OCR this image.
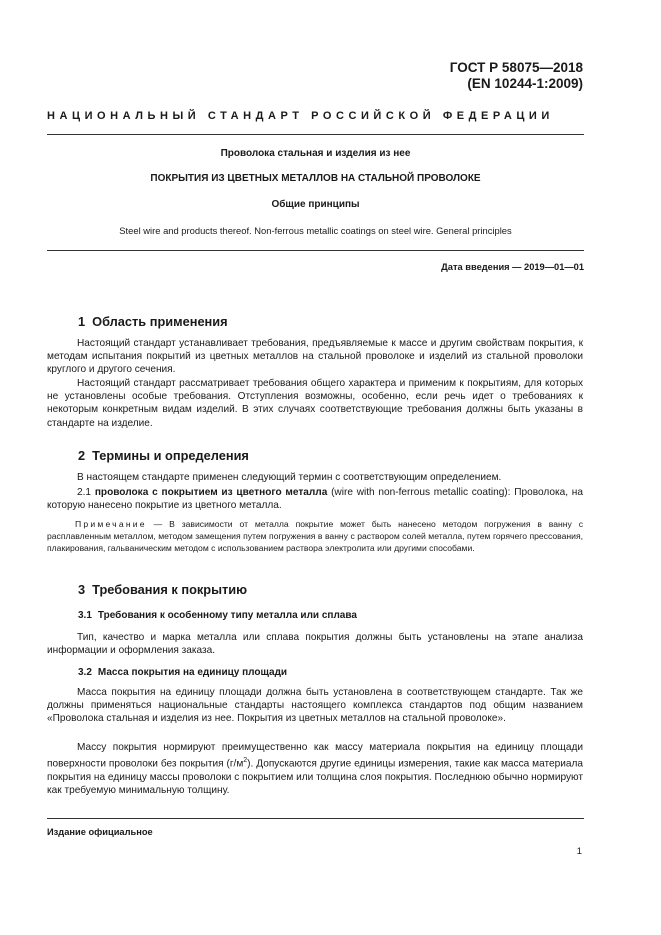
ГОСТ Р 58075—2018
(EN 10244-1:2009)
НАЦИОНАЛЬНЫЙ СТАНДАРТ РОССИЙСКОЙ ФЕДЕРАЦИИ
Проволока стальная и изделия из нее
ПОКРЫТИЯ ИЗ ЦВЕТНЫХ МЕТАЛЛОВ НА СТАЛЬНОЙ ПРОВОЛОКЕ
Общие принципы
Steel wire and products thereof. Non-ferrous metallic coatings on steel wire. General principles
Дата введения — 2019—01—01
1 Область применения
Настоящий стандарт устанавливает требования, предъявляемые к массе и другим свойствам покрытия, к методам испытания покрытий из цветных металлов на стальной проволоке и изделий из стальной проволоки круглого и другого сечения.
Настоящий стандарт рассматривает требования общего характера и применим к покрытиям, для которых не установлены особые требования. Отступления возможны, особенно, если речь идет о требованиях к некоторым конкретным видам изделий. В этих случаях соответствующие требования должны быть указаны в стандарте на изделие.
2 Термины и определения
В настоящем стандарте применен следующий термин с соответствующим определением.
2.1 проволока с покрытием из цветного металла (wire with non-ferrous metallic coating): Проволока, на которую нанесено покрытие из цветного металла.
Примечание — В зависимости от металла покрытие может быть нанесено методом погружения в ванну с расплавленным металлом, методом замещения путем погружения в ванну с раствором солей металла, путем горячего прессования, плакирования, гальваническим методом с использованием раствора электролита или другими способами.
3 Требования к покрытию
3.1 Требования к особенному типу металла или сплава
Тип, качество и марка металла или сплава покрытия должны быть установлены на этапе анализа информации и оформления заказа.
3.2 Масса покрытия на единицу площади
Масса покрытия на единицу площади должна быть установлена в соответствующем стандарте. Так же должны применяться национальные стандарты настоящего комплекса стандартов под общим названием «Проволока стальная и изделия из нее. Покрытия из цветных металлов на стальной проволоке».
Массу покрытия нормируют преимущественно как массу материала покрытия на единицу площади поверхности проволоки без покрытия $(г/м^2)$. Допускаются другие единицы измерения, такие как масса материала покрытия на единицу массы проволоки с покрытием или толщина слоя покрытия. Последнюю обычно нормируют как требуемую минимальную толщину.
Издание официальное
1
